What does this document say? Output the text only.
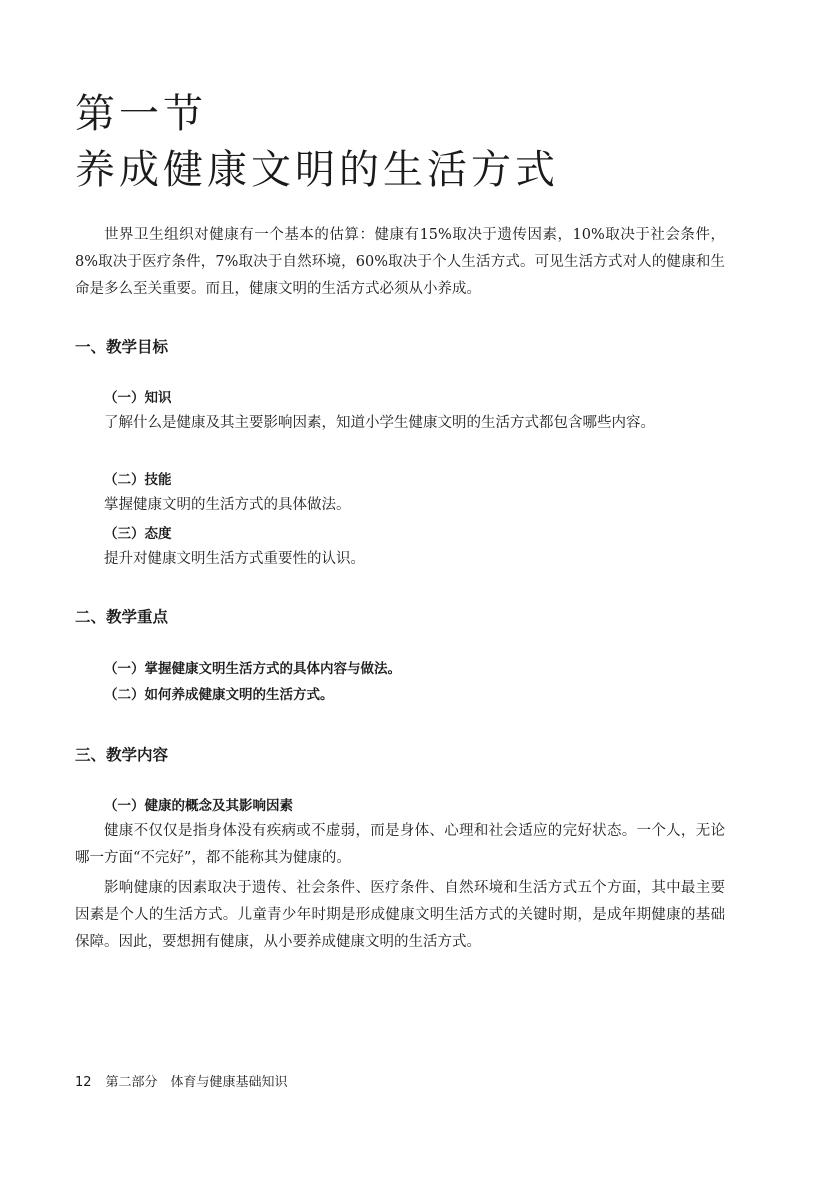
第一节
养成健康文明的生活方式

世界卫生组织对健康有一个基本的估算：健康有15%取决于遗传因素，10%取决于社会条件，8%取决于医疗条件，7%取决于自然环境，60%取决于个人生活方式。可见生活方式对人的健康和生命是多么至关重要。而且，健康文明的生活方式必须从小养成。

一、教学目标
（一）知识

了解什么是健康及其主要影响因素，知道小学生健康文明的生活方式都包含哪些内容。

（二）技能

掌握健康文明的生活方式的具体做法。

（三）态度

提升对健康文明生活方式重要性的认识。

二、教学重点
（一）掌握健康文明生活方式的具体内容与做法。
（二）如何养成健康文明的生活方式。
三、教学内容
（一）健康的概念及其影响因素

健康不仅仅是指身体没有疾病或不虚弱，而是身体、心理和社会适应的完好状态。一个人，无论哪一方面“不完好”，都不能称其为健康的。

影响健康的因素取决于遗传、社会条件、医疗条件、自然环境和生活方式五个方面，其中最主要因素是个人的生活方式。儿童青少年时期是形成健康文明生活方式的关键时期，是成年期健康的基础保障。因此，要想拥有健康，从小要养成健康文明的生活方式。

12 第二部分　体育与健康基础知识
